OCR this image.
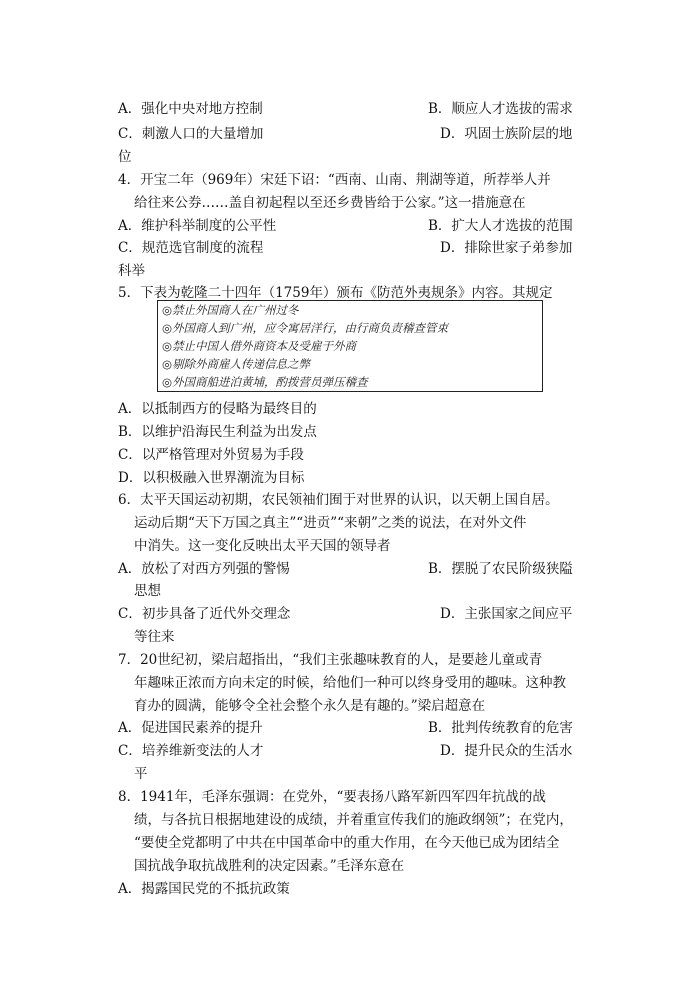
A．强化中央对地方控制	B．顺应人才选拔的需求
C．刺激人口的大量增加	D．巩固士族阶层的地
位
4．开宝二年（969年）宋廷下诏：“西南、山南、荆湖等道，所荐举人并
给往来公券……盖自初起程以至还乡费皆给于公家。”这一措施意在
A．维护科举制度的公平性	B．扩大人才选拔的范围
C．规范选官制度的流程	D．排除世家子弟参加
科举
5．下表为乾隆二十四年（1759年）颁布《防范外夷规条》内容。其规定
◎禁止外国商人在广州过冬
◎外国商人到广州，应令寓居洋行，由行商负责稽查管束
◎禁止中国人借外商资本及受雇于外商
◎剔除外商雇人传递信息之弊
◎外国商船进泊黄埔，酌拨营员弹压稽查
A．以抵制西方的侵略为最终目的
B．以维护沿海民生利益为出发点
C．以严格管理对外贸易为手段
D．以积极融入世界潮流为目标
6．太平天国运动初期，农民领袖们囿于对世界的认识，以天朝上国自居。
运动后期“天下万国之真主”“进贡”“来朝”之类的说法，在对外文件
中消失。这一变化反映出太平天国的领导者
A．放松了对西方列强的警惕	B．摆脱了农民阶级狭隘
思想
C．初步具备了近代外交理念	D．主张国家之间应平
等往来
7．20世纪初，梁启超指出，“我们主张趣味教育的人，是要趁儿童或青
年趣味正浓而方向未定的时候，给他们一种可以终身受用的趣味。这种教
育办的圆满，能够令全社会整个永久是有趣的。”梁启超意在
A．促进国民素养的提升	B．批判传统教育的危害
C．培养维新变法的人才	D．提升民众的生活水
平
8．1941年，毛泽东强调：在党外，“要表扬八路军新四军四年抗战的战
绩，与各抗日根据地建设的成绩，并着重宣传我们的施政纲领”；在党内，
“要使全党都明了中共在中国革命中的重大作用，在今天他已成为团结全
国抗战争取抗战胜利的决定因素。”毛泽东意在
A．揭露国民党的不抵抗政策
